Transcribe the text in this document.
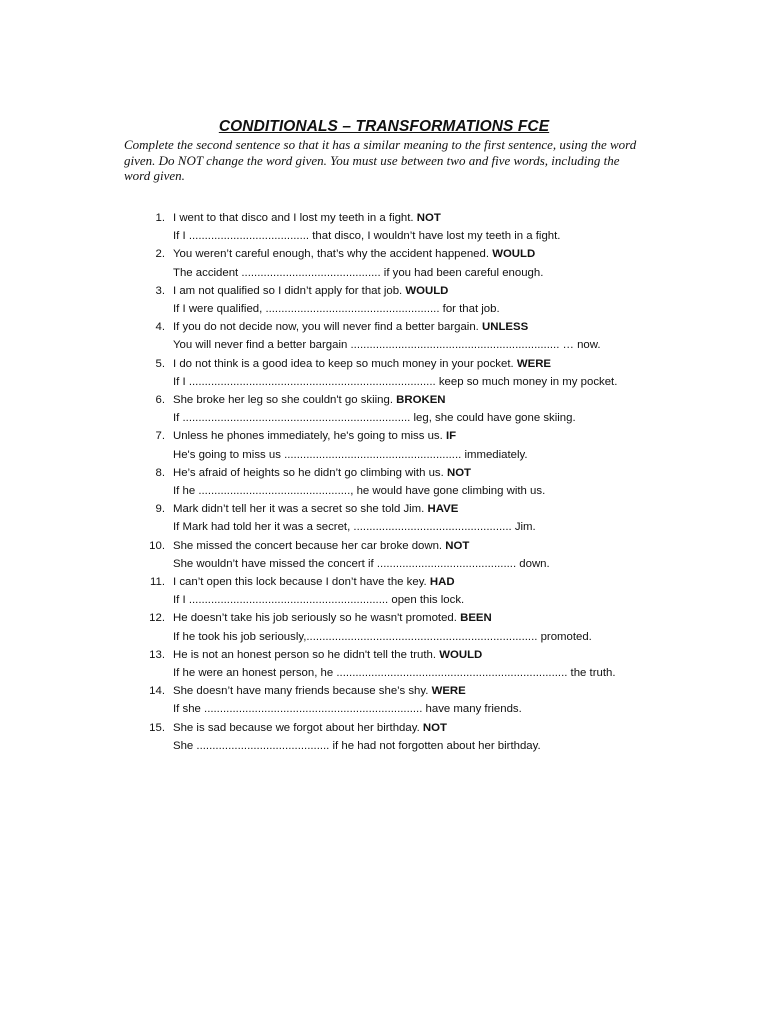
CONDITIONALS – TRANSFORMATIONS FCE
Complete the second sentence so that it has a similar meaning to the first sentence, using the word given. Do NOT change the word given. You must use between two and five words, including the word given.
1. I went to that disco and I lost my teeth in a fight. NOT
If I ...................................... that disco, I wouldn’t have lost my teeth in a fight.
2. You weren’t careful enough, that’s why the accident happened. WOULD
The accident ............................................ if you had been careful enough.
3. I am not qualified so I didn’t apply for that job. WOULD
If I were qualified, ....................................................... for that job.
4. If you do not decide now, you will never find a better bargain. UNLESS
You will never find a better bargain .................................................................. … now.
5. I do not think is a good idea to keep so much money in your pocket. WERE
If I .............................................................................. keep so much money in my pocket.
6. She broke her leg so she couldn't go skiing. BROKEN
If ........................................................................ leg, she could have gone skiing.
7. Unless he phones immediately, he's going to miss us. IF
He's going to miss us ........................................................ immediately.
8. He’s afraid of heights so he didn’t go climbing with us. NOT
If he ................................................, he would have gone climbing with us.
9. Mark didn’t tell her it was a secret so she told Jim. HAVE
If Mark had told her it was a secret, .................................................. Jim.
10. She missed the concert because her car broke down. NOT
She wouldn’t have missed the concert if ............................................ down.
11. I can’t open this lock because I don’t have the key. HAD
If I ............................................................... open this lock.
12. He doesn’t take his job seriously so he wasn't promoted. BEEN
If he took his job seriously,......................................................................... promoted.
13. He is not an honest person so he didn't tell the truth. WOULD
If he were an honest person, he ......................................................................... the truth.
14. She doesn’t have many friends because she’s shy. WERE
If she ..................................................................... have many friends.
15. She is sad because we forgot about her birthday. NOT
She .......................................... if he had not forgotten about her birthday.
